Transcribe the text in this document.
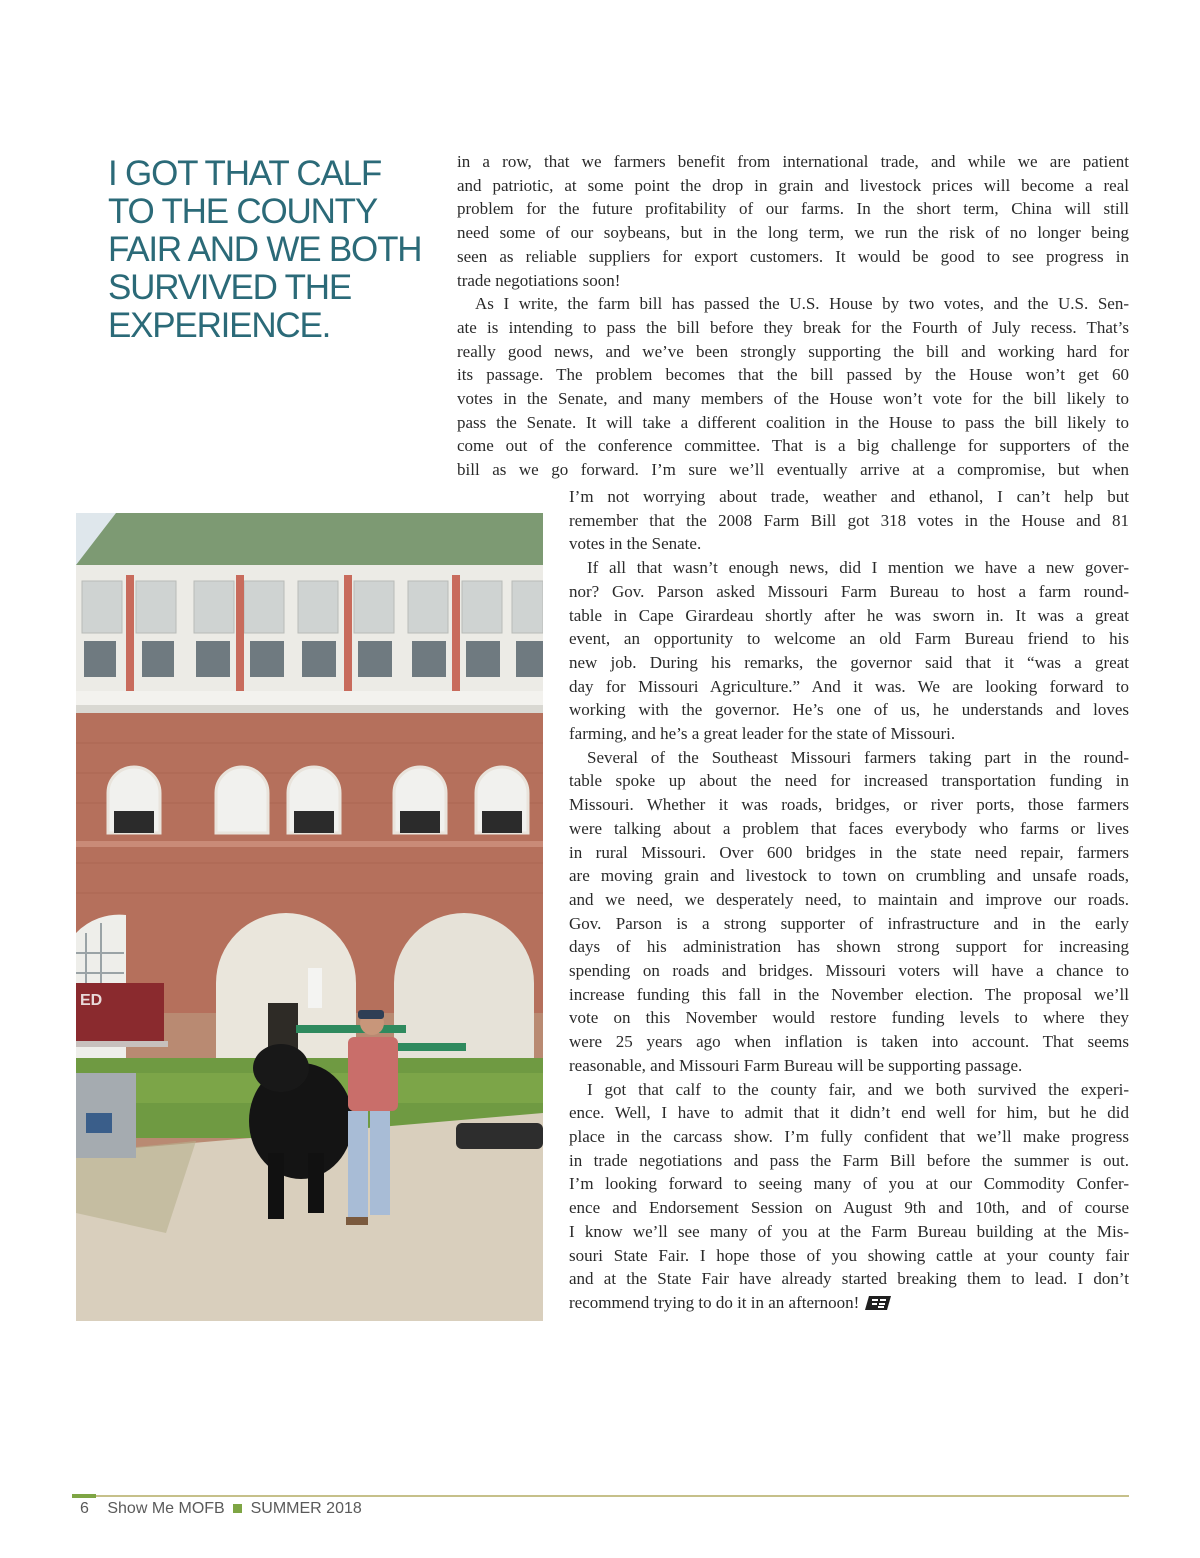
I GOT THAT CALF
TO THE COUNTY
FAIR AND WE BOTH
SURVIVED THE
EXPERIENCE.
in a row, that we farmers benefit from international trade, and while we are patient
and patriotic, at some point the drop in grain and livestock prices will become a real
problem for the future profitability of our farms. In the short term, China will still
need some of our soybeans, but in the long term, we run the risk of no longer being
seen as reliable suppliers for export customers. It would be good to see progress in
trade negotiations soon!
As I write, the farm bill has passed the U.S. House by two votes, and the U.S. Sen-
ate is intending to pass the bill before they break for the Fourth of July recess. That’s
really good news, and we’ve been strongly supporting the bill and working hard for
its passage. The problem becomes that the bill passed by the House won’t get 60
votes in the Senate, and many members of the House won’t vote for the bill likely to
pass the Senate. It will take a different coalition in the House to pass the bill likely to
come out of the conference committee. That is a big challenge for supporters of the
bill as we go forward. I’m sure we’ll eventually arrive at a compromise, but when
ED
I’m not worrying about trade, weather and ethanol, I can’t help but
remember that the 2008 Farm Bill got 318 votes in the House and 81
votes in the Senate.
If all that wasn’t enough news, did I mention we have a new gover-
nor? Gov. Parson asked Missouri Farm Bureau to host a farm round-
table in Cape Girardeau shortly after he was sworn in. It was a great
event, an opportunity to welcome an old Farm Bureau friend to his
new job. During his remarks, the governor said that it “was a great
day for Missouri Agriculture.” And it was. We are looking forward to
working with the governor. He’s one of us, he understands and loves
farming, and he’s a great leader for the state of Missouri.
Several of the Southeast Missouri farmers taking part in the round-
table spoke up about the need for increased transportation funding in
Missouri. Whether it was roads, bridges, or river ports, those farmers
were talking about a problem that faces everybody who farms or lives
in rural Missouri. Over 600 bridges in the state need repair, farmers
are moving grain and livestock to town on crumbling and unsafe roads,
and we need, we desperately need, to maintain and improve our roads.
Gov. Parson is a strong supporter of infrastructure and in the early
days of his administration has shown strong support for increasing
spending on roads and bridges. Missouri voters will have a chance to
increase funding this fall in the November election. The proposal we’ll
vote on this November would restore funding levels to where they
were 25 years ago when inflation is taken into account. That seems
reasonable, and Missouri Farm Bureau will be supporting passage.
I got that calf to the county fair, and we both survived the experi-
ence. Well, I have to admit that it didn’t end well for him, but he did
place in the carcass show. I’m fully confident that we’ll make progress
in trade negotiations and pass the Farm Bill before the summer is out.
I’m looking forward to seeing many of you at our Commodity Confer-
ence and Endorsement Session on August 9th and 10th, and of course
I know we’ll see many of you at the Farm Bureau building at the Mis-
souri State Fair. I hope those of you showing cattle at your county fair
and at the State Fair have already started breaking them to lead. I don’t
recommend trying to do it in an afternoon!
6 Show Me MOFB SUMMER 2018
